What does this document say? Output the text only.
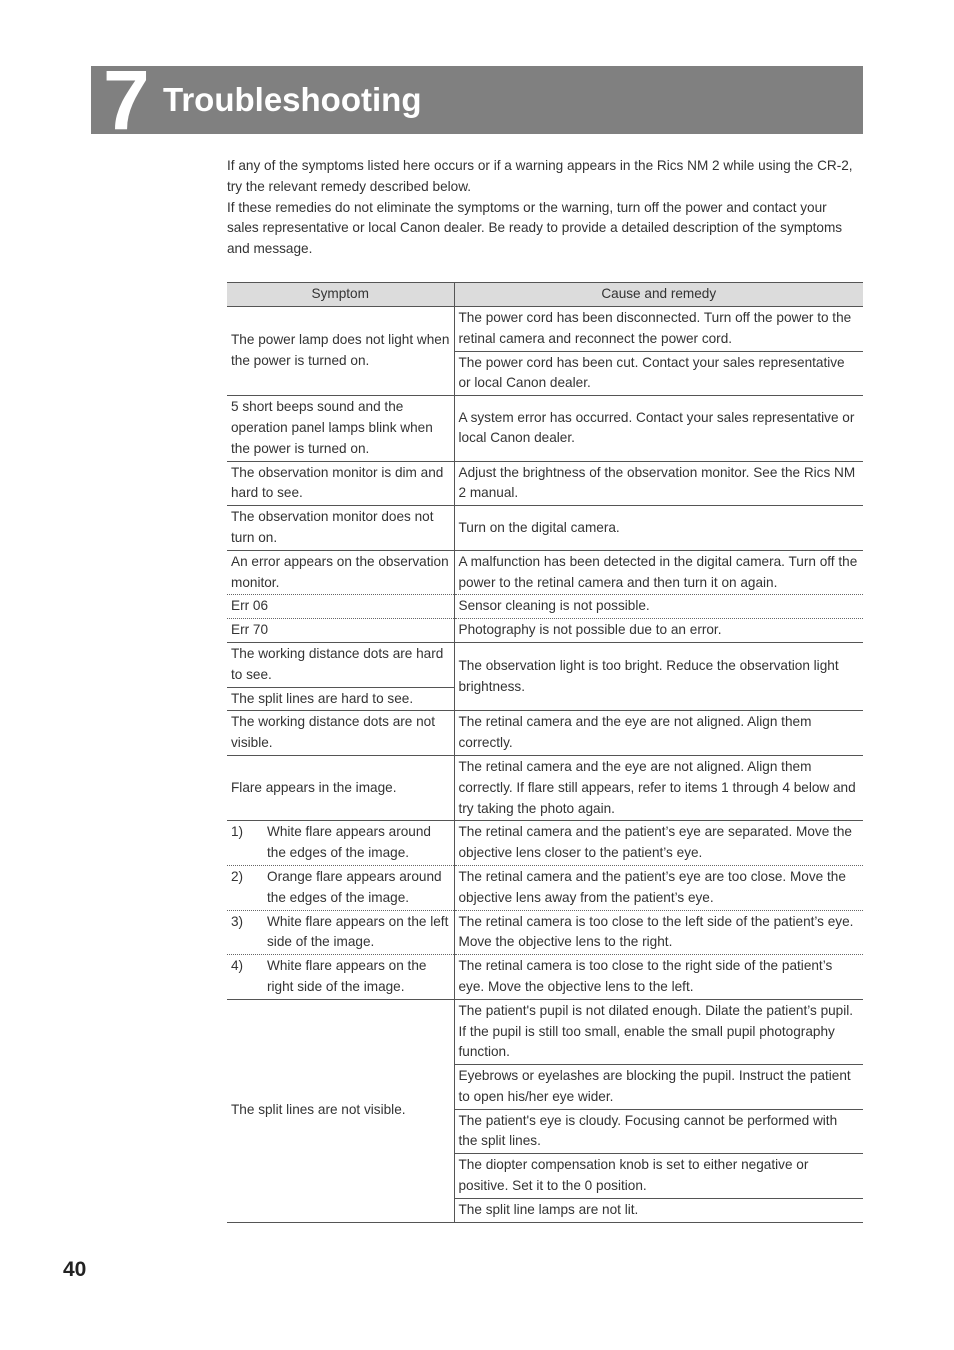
7 Troubleshooting

If any of the symptoms listed here occurs or if a warning appears in the Rics NM 2 while using the CR-2, try the relevant remedy described below.

If these remedies do not eliminate the symptoms or the warning, turn off the power and contact your sales representative or local Canon dealer. Be ready to provide a detailed description of the symptoms and message.

Symptom	Cause and remedy
The power lamp does not light when the power is turned on.	The power cord has been disconnected. Turn off the power to the retinal camera and reconnect the power cord.
	The power cord has been cut. Contact your sales representative or local Canon dealer.
5 short beeps sound and the operation panel lamps blink when the power is turned on.	A system error has occurred. Contact your sales representative or local Canon dealer.
The observation monitor is dim and hard to see.	Adjust the brightness of the observation monitor. See the Rics NM 2 manual.
The observation monitor does not turn on.	Turn on the digital camera.
An error appears on the observation monitor.	A malfunction has been detected in the digital camera. Turn off the power to the retinal camera and then turn it on again.
Err 06	Sensor cleaning is not possible.
Err 70	Photography is not possible due to an error.
The working distance dots are hard to see.	The observation light is too bright. Reduce the observation light brightness.
The split lines are hard to see.	
The working distance dots are not visible.	The retinal camera and the eye are not aligned. Align them correctly.
Flare appears in the image.	The retinal camera and the eye are not aligned. Align them correctly. If flare still appears, refer to items 1 through 4 below and try taking the photo again.

1) White flare appears around the edges of the image.	The retinal camera and the patient’s eye are separated. Move the objective lens closer to the patient’s eye.

2) Orange flare appears around the edges of the image.	The retinal camera and the patient’s eye are too close. Move the objective lens away from the patient’s eye.

3) White flare appears on the left side of the image.	The retinal camera is too close to the left side of the patient’s eye. Move the objective lens to the right.

4) White flare appears on the right side of the image.	The retinal camera is too close to the right side of the patient’s eye. Move the objective lens to the left.
The split lines are not visible.	The patient's pupil is not dilated enough. Dilate the patient’s pupil. If the pupil is still too small, enable the small pupil photography function.
	Eyebrows or eyelashes are blocking the pupil. Instruct the patient to open his/her eye wider.
	The patient's eye is cloudy. Focusing cannot be performed with the split lines.
	The diopter compensation knob is set to either negative or positive. Set it to the 0 position.
	The split line lamps are not lit.
40
